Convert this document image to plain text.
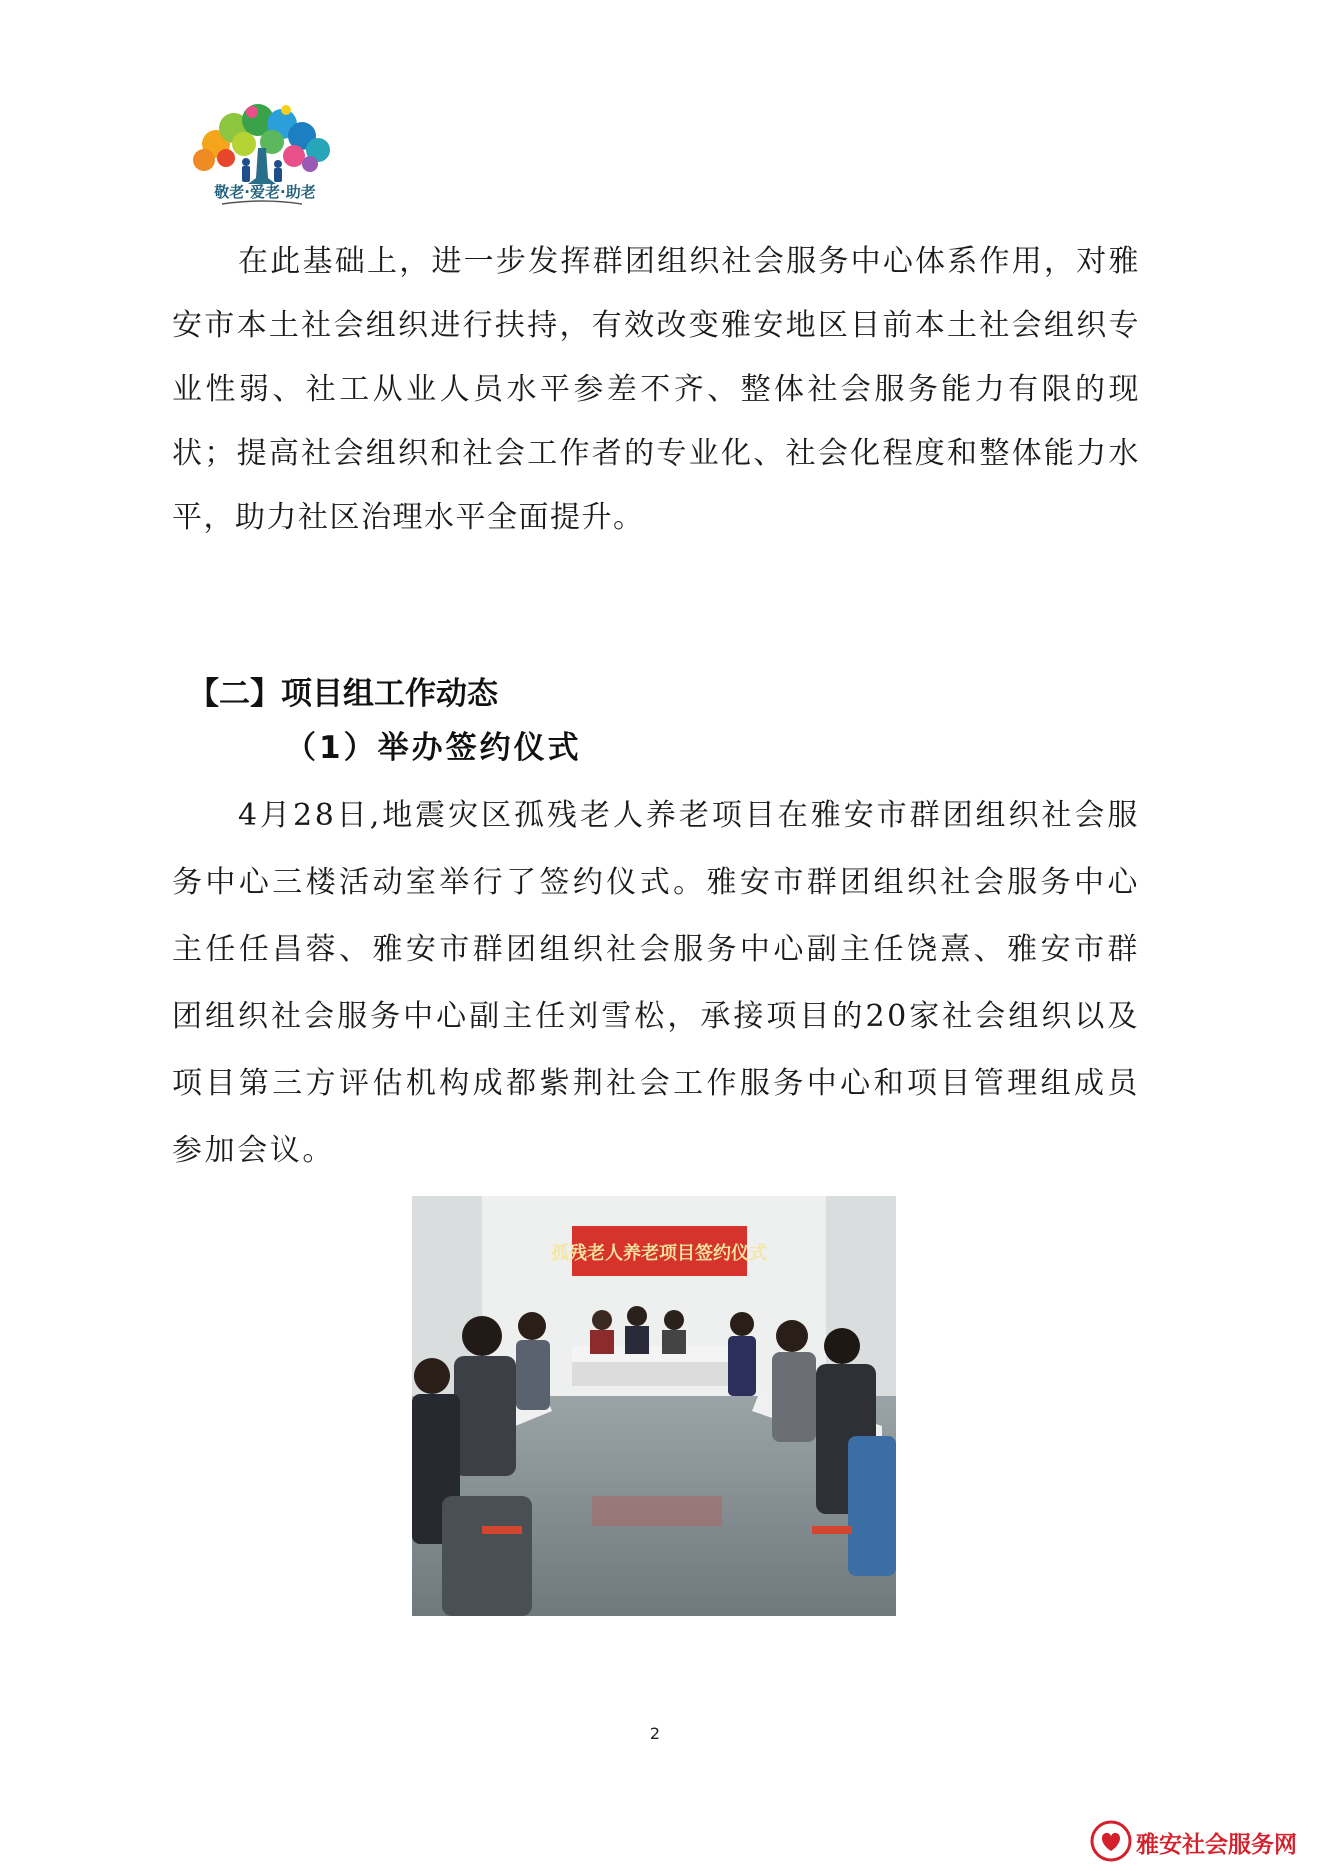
敬老·爱老·助老

在此基础上，进一步发挥群团组织社会服务中心体系作用，对雅安市本土社会组织进行扶持，有效改变雅安地区目前本土社会组织专业性弱、社工从业人员水平参差不齐、整体社会服务能力有限的现状；提高社会组织和社会工作者的专业化、社会化程度和整体能力水平，助力社区治理水平全面提升。

【二】项目组工作动态
（1）举办签约仪式

4月28日,地震灾区孤残老人养老项目在雅安市群团组织社会服务中心三楼活动室举行了签约仪式。雅安市群团组织社会服务中心主任任昌蓉、雅安市群团组织社会服务中心副主任饶熹、雅安市群团组织社会服务中心副主任刘雪松，承接项目的20家社会组织以及项目第三方评估机构成都紫荆社会工作服务中心和项目管理组成员参加会议。

孤残老人养老项目签约仪式
2
雅安社会服务网
